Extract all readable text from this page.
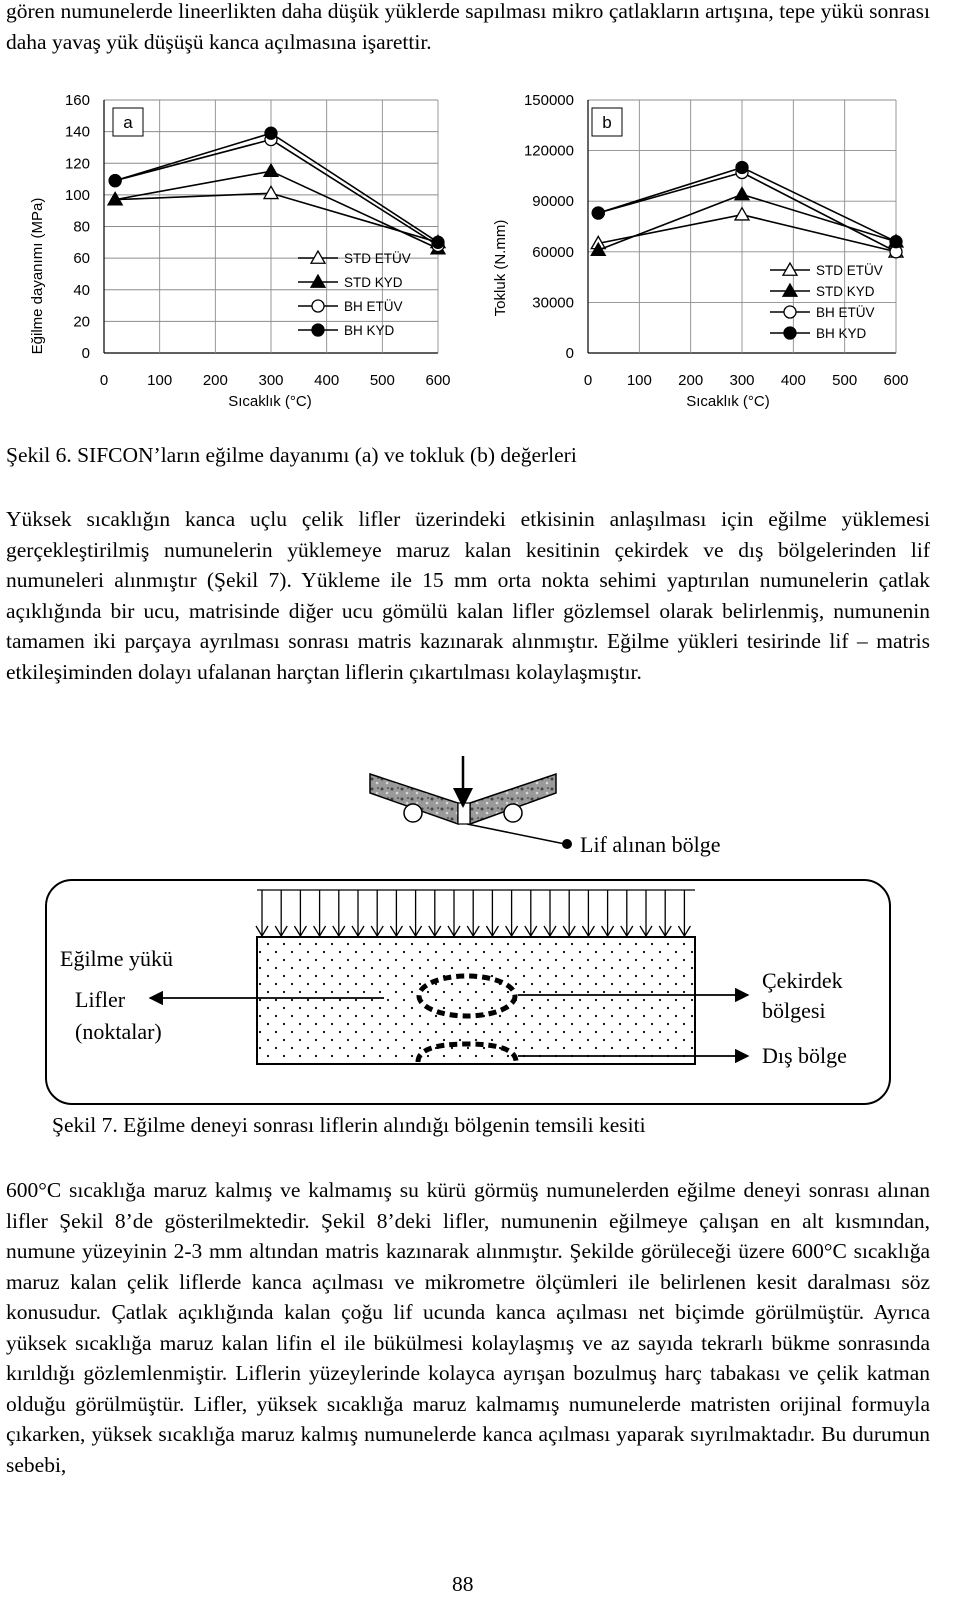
gören numunelerde lineerlikten daha düşük yüklerde sapılması mikro çatlakların artışına, tepe yükü sonrası daha yavaş yük düşüşü kanca açılmasına işarettir.

0
20
40
60
80
100
120
140
160
0	100 200 300 400 500 600
STD ETÜV
STD KYD
BH ETÜV
BH KYD
Sıcaklık (°C)
Eğilme dayanımı (MPa)
a
0
30000
60000
90000
120000
150000
0 100 200 300 400 500 600
STD ETÜV
STD KYD
BH ETÜV
BH KYD
Sıcaklık (°C)
Tokluk (N.mm)
b

Şekil 6. SIFCON’ların eğilme dayanımı (a) ve tokluk (b) değerleri

Yüksek sıcaklığın kanca uçlu çelik lifler üzerindeki etkisinin anlaşılması için eğilme yüklemesi gerçekleştirilmiş numunelerin yüklemeye maruz kalan kesitinin çekirdek ve dış bölgelerinden lif numuneleri alınmıştır (Şekil 7). Yükleme ile 15 mm orta nokta sehimi yaptırılan numunelerin çatlak açıklığında bir ucu, matrisinde diğer ucu gömülü kalan lifler gözlemsel olarak belirlenmiş, numunenin tamamen iki parçaya ayrılması sonrası matris kazınarak alınmıştır. Eğilme yükleri tesirinde lif – matris etkileşiminden dolayı ufalanan harçtan liflerin çıkartılması kolaylaşmıştır.

Lif alınan bölge
Eğilme yükü
Lifler
(noktalar)
Çekirdek
bölgesi
Dış bölge

Şekil 7. Eğilme deneyi sonrası liflerin alındığı bölgenin temsili kesiti

600°C sıcaklığa maruz kalmış ve kalmamış su kürü görmüş numunelerden eğilme deneyi sonrası alınan lifler Şekil 8’de gösterilmektedir. Şekil 8’deki lifler, numunenin eğilmeye çalışan en alt kısmından, numune yüzeyinin 2-3 mm altından matris kazınarak alınmıştır. Şekilde görüleceği üzere 600°C sıcaklığa maruz kalan çelik liflerde kanca açılması ve mikrometre ölçümleri ile belirlenen kesit daralması söz konusudur. Çatlak açıklığında kalan çoğu lif ucunda kanca açılması net biçimde görülmüştür. Ayrıca yüksek sıcaklığa maruz kalan lifin el ile bükülmesi kolaylaşmış ve az sayıda tekrarlı bükme sonrasında kırıldığı gözlemlenmiştir. Liflerin yüzeylerinde kolayca ayrışan bozulmuş harç tabakası ve çelik katman olduğu görülmüştür. Lifler, yüksek sıcaklığa maruz kalmamış numunelerde matristen orijinal formuyla çıkarken, yüksek sıcaklığa maruz kalmış numunelerde kanca açılması yaparak sıyrılmaktadır. Bu durumun sebebi,

88
